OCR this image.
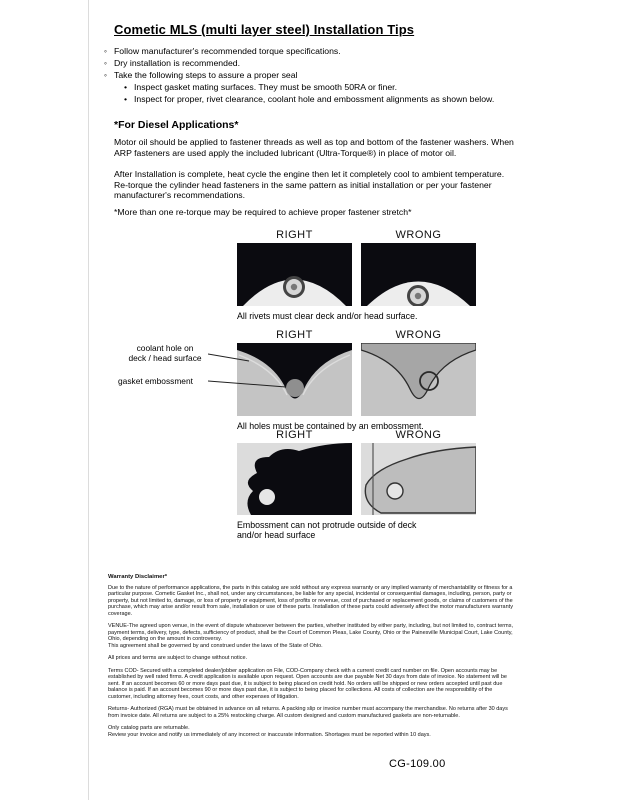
Cometic MLS (multi layer steel) Installation Tips
◦ Follow manufacturer's recommended torque specifications.
◦ Dry installation is recommended.
◦ Take the following steps to assure a proper seal
• Inspect gasket mating surfaces. They must be smooth 50RA or finer.
• Inspect for proper, rivet clearance, coolant hole and embossment alignments as shown below.
*For Diesel Applications*

Motor oil should be applied to fastener threads as well as top and bottom of the fastener washers. When ARP fasteners are used apply the included lubricant (Ultra-Torque®) in place of motor oil.

After Installation is complete, heat cycle the engine then let it completely cool to ambient temperature. Re-torque the cylinder head fasteners in the same pattern as initial installation or per your fastener manufacturer's recommendations.

*More than one re-torque may be required to achieve proper fastener stretch*

RIGHT	WRONG
All rivets must clear deck and/or head surface.
RIGHT	WRONG
All holes must be contained by an embossment.
coolant hole on
deck / head surface
gasket embossment
RIGHT	WRONG
Embossment can not protrude outside of deck
and/or head surface
Warranty Disclaimer*
Due to the nature of performance applications, the parts in this catalog are sold without any express warranty or any implied warranty of merchantability or fitness for a particular purpose. Cometic Gasket Inc., shall not, under any circumstances, be liable for any special, incidental or consequential damages, including, person, party or property, but not limited to, damage, or loss of property or equipment, loss of profits or revenue, cost of purchased or replacement goods, or claims of customers of the purchase, which may arise and/or result from sale, installation or use of these parts. Installation of these parts could adversely affect the motor manufacturers warranty coverage.
VENUE-The agreed upon venue, in the event of dispute whatsoever between the parties, whether instituted by either party, including, but not limited to, contract terms, payment terms, delivery, type, defects, sufficiency of product, shall be the Court of Common Pleas, Lake County, Ohio or the Painesville Municipal Court, Lake County, Ohio, depending on the amount in controversy.
This agreement shall be governed by and construed under the laws of the State of Ohio.
All prices and terms are subject to change without notice.
Terms COD- Secured with a completed dealer/jobber application on File, COD-Company check with a current credit card number on file. Open accounts may be established by well rated firms. A credit application is available upon request. Open accounts are due payable Net 30 days from date of invoice. No statement will be sent. If an account becomes 60 or more days past due, it is subject to being placed on credit hold. No orders will be shipped or new orders accepted until past due balance is paid. If an account becomes 90 or more days past due, it is subject to being placed for collections. All costs of collection are the responsibility of the customer, including attorney fees, court costs, and other expenses of litigation.
Returns- Authorized (RGA) must be obtained in advance on all returns. A packing slip or invoice number must accompany the merchandise. No returns after 30 days from invoice date. All returns are subject to a 25% restocking charge. All custom designed and custom manufactured gaskets are non-returnable.
Only catalog parts are returnable.
Review your invoice and notify us immediately of any incorrect or inaccurate information. Shortages must be reported within 10 days.
CG-109.00
